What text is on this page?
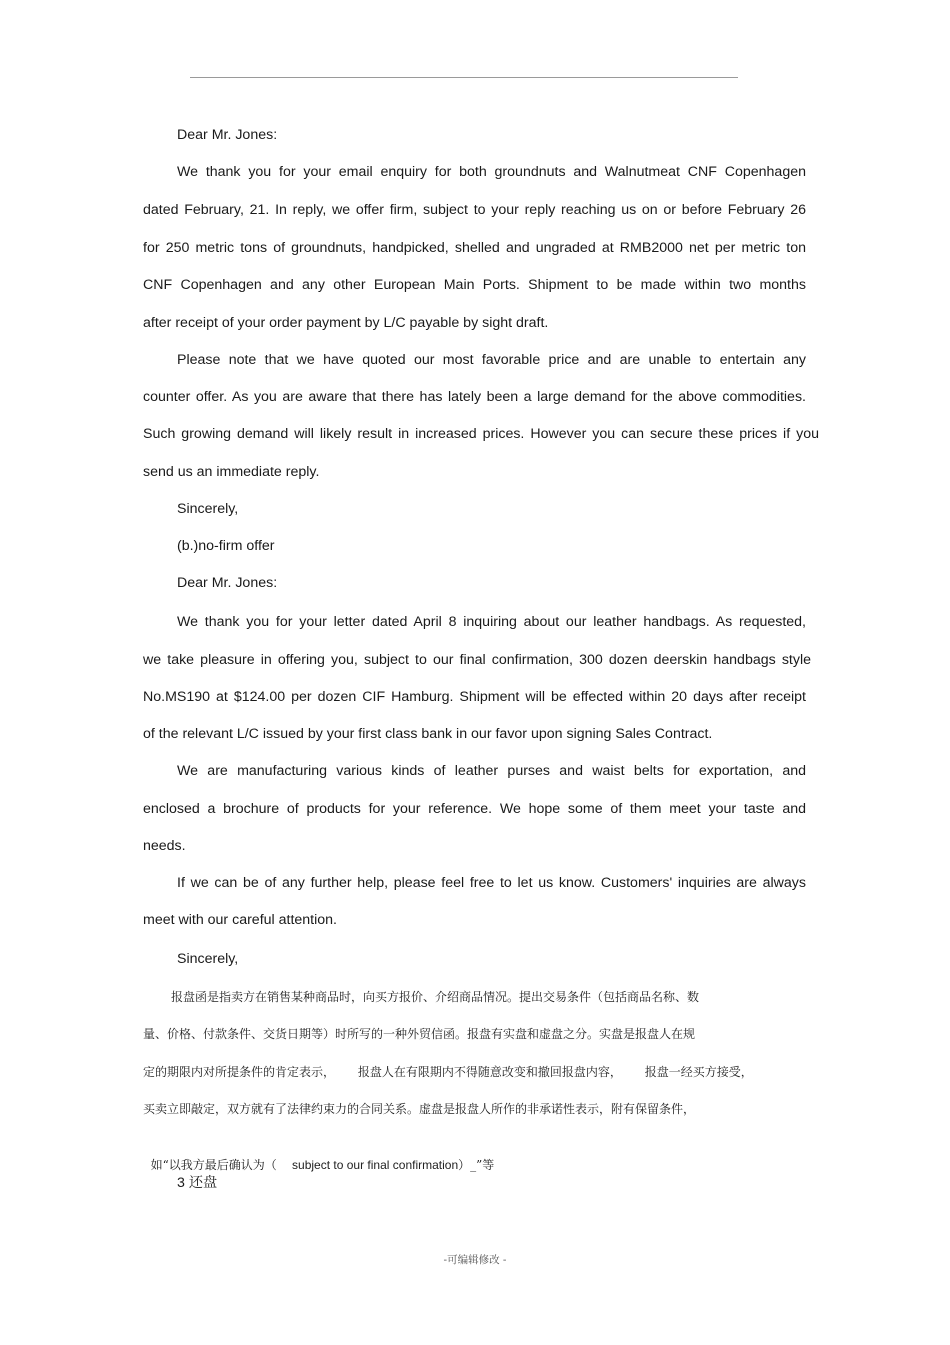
Dear Mr. Jones:
We thank you for your email enquiry for both groundnuts and Walnutmeat CNF Copenhagen
dated February, 21. In reply, we offer firm, subject to your reply reaching us on or before February 26
for 250 metric tons of groundnuts, handpicked, shelled and ungraded at RMB2000 net per metric ton
CNF Copenhagen and any other European Main Ports. Shipment to be made within two months
after receipt of your order payment by L/C payable by sight draft.
Please note that we have quoted our most favorable price and are unable to entertain any
counter offer. As you are aware that there has lately been a large demand for the above commodities.
Such growing demand will likely result in increased prices. However you can secure these prices if you
send us an immediate reply.
Sincerely,
(b.)no-firm offer
Dear Mr. Jones:
We thank you for your letter dated April 8 inquiring about our leather handbags. As requested,
we take pleasure in offering you, subject to our final confirmation, 300 dozen deerskin handbags style
No.MS190 at $124.00 per dozen CIF Hamburg. Shipment will be effected within 20 days after receipt
of the relevant L/C issued by your first class bank in our favor upon signing Sales Contract.
We are manufacturing various kinds of leather purses and waist belts for exportation, and
enclosed a brochure of products for your reference. We hope some of them meet your taste and
needs.
If we can be of any further help, please feel free to let us know. Customers' inquiries are always
meet with our careful attention.
Sincerely,
报盘函是指卖方在销售某种商品时，向买方报价、介绍商品情况。提出交易条件（包括商品名称、数
量、价格、付款条件、交货日期等）时所写的一种外贸信函。报盘有实盘和虚盘之分。实盘是报盘人在规
定的期限内对所提条件的肯定表示，      报盘人在有限期内不得随意改变和撤回报盘内容，      报盘一经买方接受，
买卖立即敲定，双方就有了法律约束力的合同关系。虚盘是报盘人所作的非承诺性表示，附有保留条件，

如“以我方最后确认为（ subject to our final confirmation）_”等

3 还盘
-可编辑修改 -
